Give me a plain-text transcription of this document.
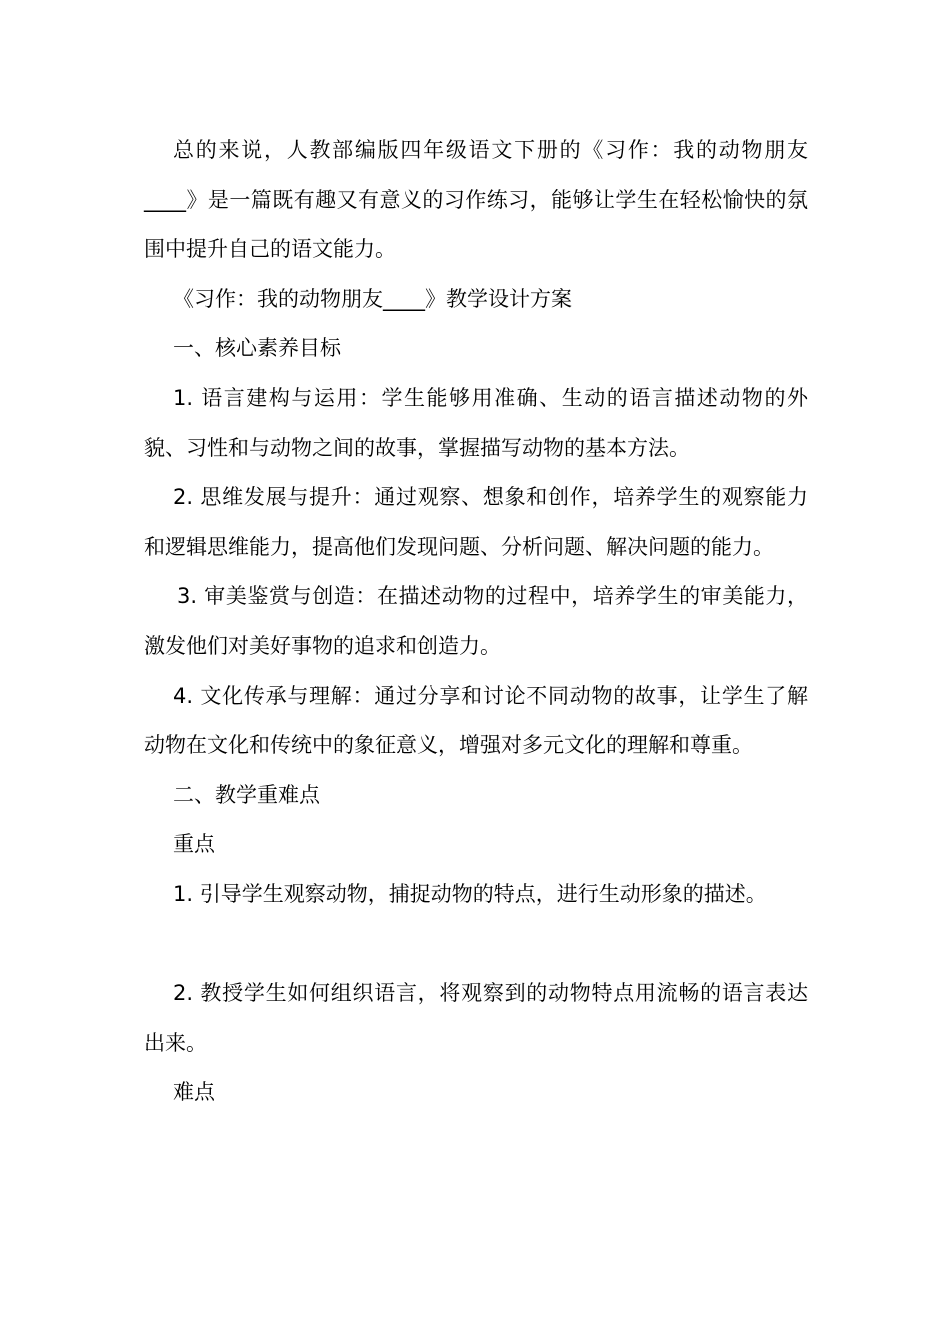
总的来说，人教部编版四年级语文下册的《习作：我的动物朋友____》是一篇既有趣又有意义的习作练习，能够让学生在轻松愉快的氛围中提升自己的语文能力。

《习作：我的动物朋友____》教学设计方案

一、核心素养目标

1. 语言建构与运用：学生能够用准确、生动的语言描述动物的外貌、习性和与动物之间的故事，掌握描写动物的基本方法。

2. 思维发展与提升：通过观察、想象和创作，培养学生的观察能力和逻辑思维能力，提高他们发现问题、分析问题、解决问题的能力。

3. 审美鉴赏与创造：在描述动物的过程中，培养学生的审美能力，激发他们对美好事物的追求和创造力。

4. 文化传承与理解：通过分享和讨论不同动物的故事，让学生了解动物在文化和传统中的象征意义，增强对多元文化的理解和尊重。

二、教学重难点

重点

1. 引导学生观察动物，捕捉动物的特点，进行生动形象的描述。

2. 教授学生如何组织语言，将观察到的动物特点用流畅的语言表达出来。

难点
